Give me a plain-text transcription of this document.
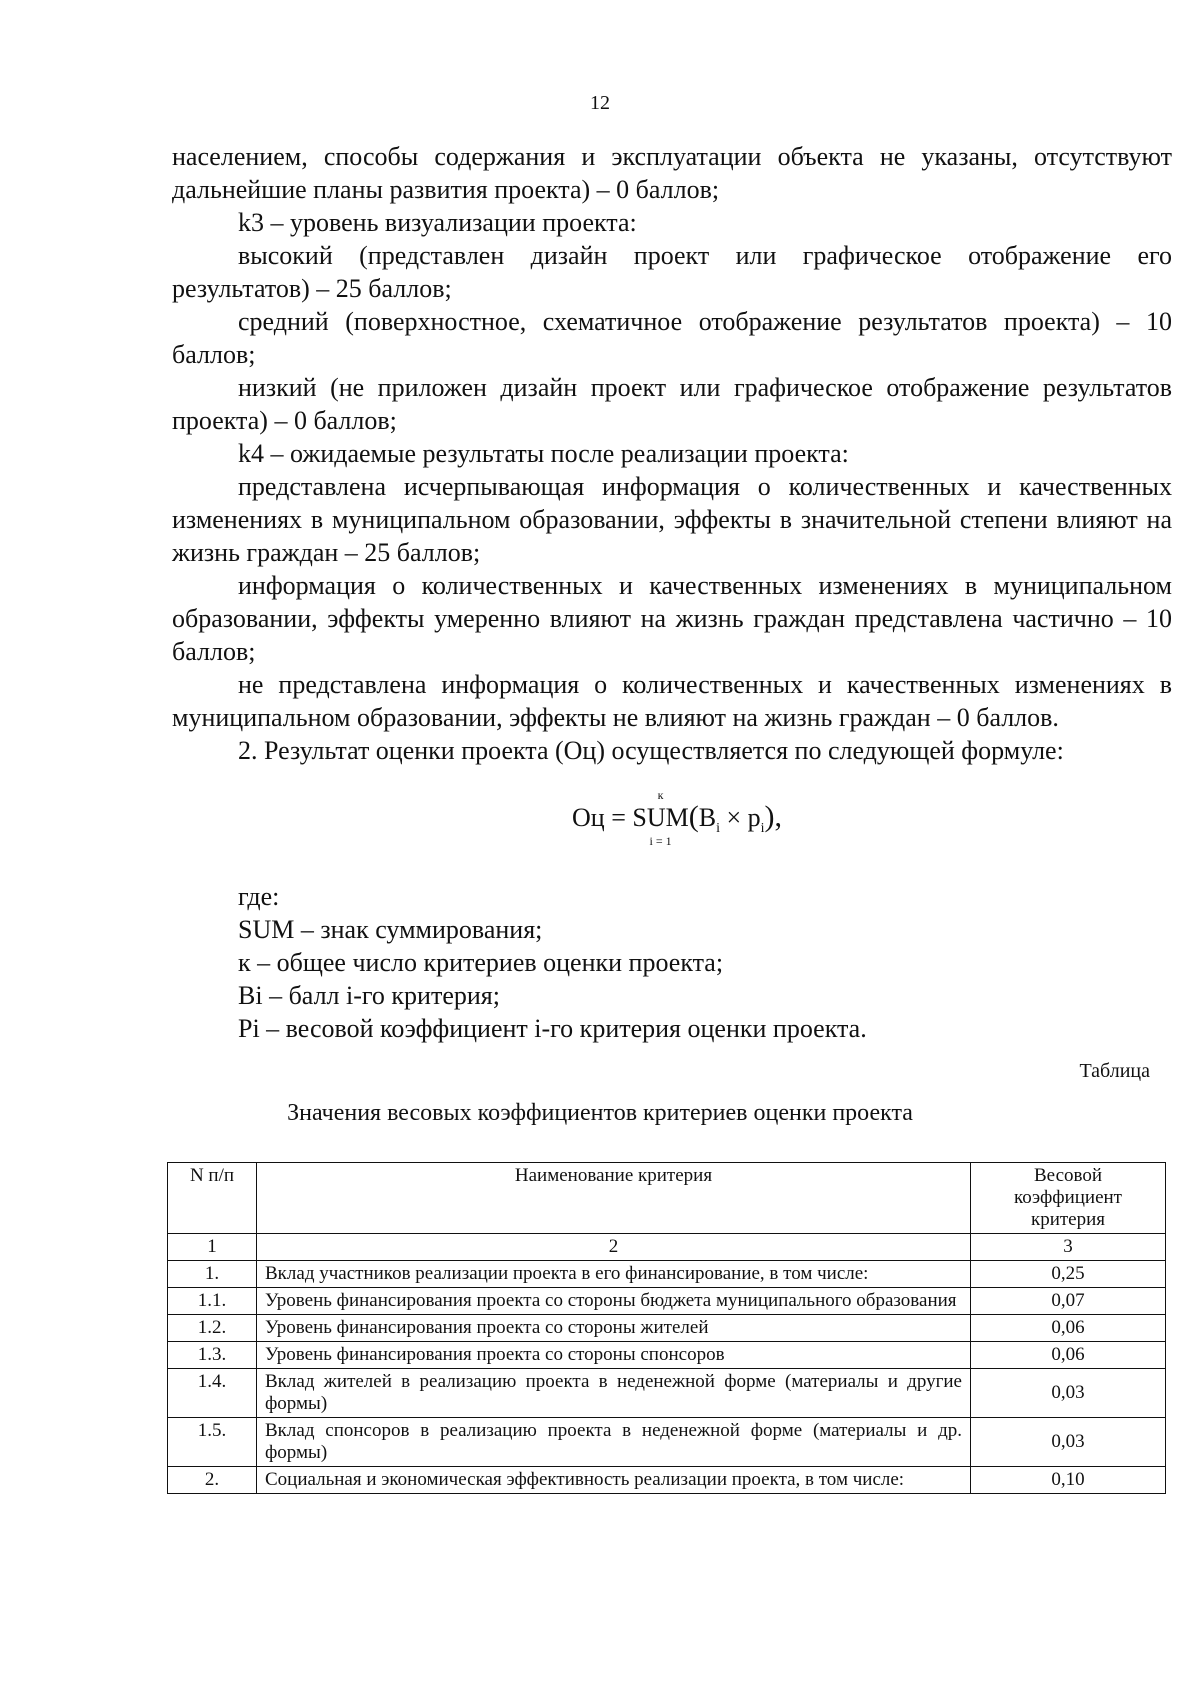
12

населением, способы содержания и эксплуатации объекта не указаны, отсутствуют дальнейшие планы развития проекта) – 0 баллов;

k3 – уровень визуализации проекта:

высокий (представлен дизайн проект или графическое отображение его результатов) – 25 баллов;

средний (поверхностное, схематичное отображение результатов проекта) – 10 баллов;

низкий (не приложен дизайн проект или графическое отображение результатов проекта) – 0 баллов;

k4 – ожидаемые результаты после реализации проекта:

представлена исчерпывающая информация о количественных и качественных изменениях в муниципальном образовании, эффекты в значительной степени влияют на жизнь граждан – 25 баллов;

информация о количественных и качественных изменениях в муниципальном образовании, эффекты умеренно влияют на жизнь граждан представлена частично – 10 баллов;

не представлена информация о количественных и качественных изменениях в муниципальном образовании, эффекты не влияют на жизнь граждан – 0 баллов.

2. Результат оценки проекта (Оц) осуществляется по следующей формуле:

Оц =
к
SUM
i = 1
$(B_i \times p_i)$,

где:

SUM – знак суммирования;

к – общее число критериев оценки проекта;

Bi – балл i-го критерия;

Pi – весовой коэффициент i-го критерия оценки проекта.

Таблица
Значения весовых коэффициентов критериев оценки проекта
N п/п	Наименование критерия	Весовой коэффициент критерия
1	2	3
1.	Вклад участников реализации проекта в его финансирование, в том числе:	0,25
1.1.	Уровень финансирования проекта со стороны бюджета муниципального образования	0,07
1.2.	Уровень финансирования проекта со стороны жителей	0,06
1.3.	Уровень финансирования проекта со стороны спонсоров	0,06
1.4.	Вклад жителей в реализацию проекта в неденежной форме (материалы и другие формы)	0,03
1.5.	Вклад спонсоров в реализацию проекта в неденежной форме (материалы и др. формы)	0,03
2.	Социальная и экономическая эффективность реализации проекта, в том числе:	0,10
